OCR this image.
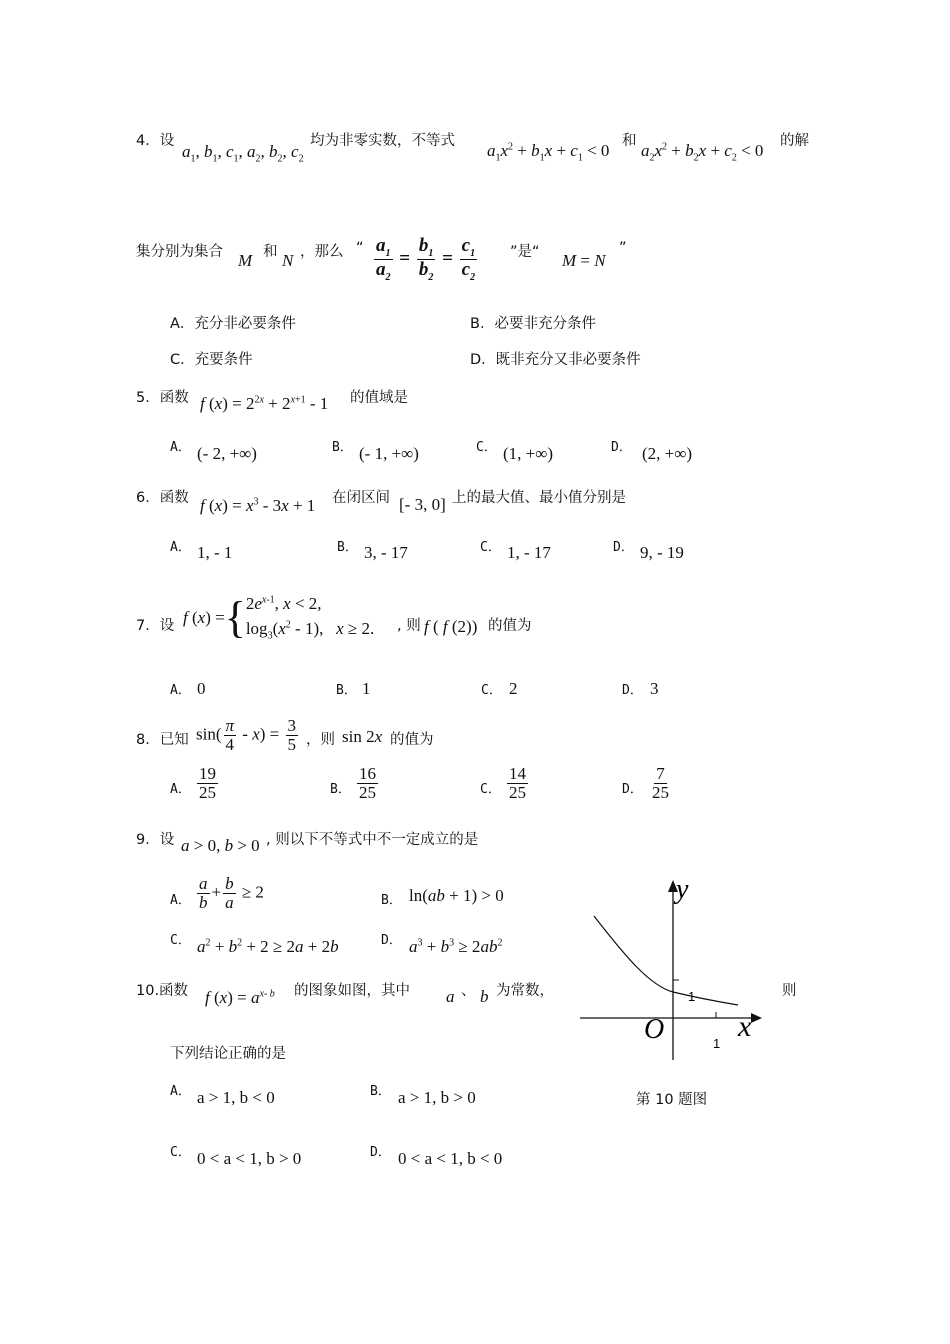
4．设
$a_1$, $b_1$, $c_1$, $a_2$, $b_2$, $c_2$
均为非零实数，不等式 $a_1x^2 + b_1x + c_1 < 0$ 和 $a_2x^2 + b_2x + c_2 < 0$ 的解
集分别为集合 M 和 N ，那么 “ $\frac{a_1}{a_2} = \frac{b_1}{b_2} = \frac{c_1}{c_2}$ ”是“ M = N
”
A．充分非必要条件	B．必要非充分条件
C．充要条件	D．既非充分又非必要条件
5．函数 f $(x) = 2^{2x} + 2^{x+1} - 1$ 的值域是
A． (- 2, +∞)	B． (- 1, +∞)	C． (1, +∞)	D． (2, +∞)
6．函数 f $(x) = x^3 - 3x + 1$ 在闭区间 [- 3, 0] 上的最大值、最小值分别是
A． 1, - 1	B． 3, - 17	C． 1, - 17	D． 9, - 19
7．设 f (x) ={ $2e^{x-1}$, x < 2,
$\log_3(x^2 - 1)$,   x ≥ 2. , 则 f ( f (2)) 的值为
A． 0	B． 1	C． 2	D． 3
8．已知 $\sin( \frac{\pi}{4} - x) = \frac{3}{5}$ ，则 sin 2x 的值为
A． $\frac{19}{25}$	B． $\frac{16}{25}$	C． $\frac{14}{25}$	D． $\frac{7}{25}$
9．设 a > 0, b > 0 , 则以下不等式中不一定成立的是
A． $\frac{a}{b} + \frac{b}{a} \ge 2$	B． ln(ab + 1) > 0
C． $a^2 + b^2 + 2 \ge 2a + 2b$	D． $a^3 + b^3 \ge 2ab^2$
10.函数 f $(x) = a^{x- b}$ 的图象如图，其中 a 、 b 为常数，	则
下列结论正确的是
A． a > 1, b < 0	B． a > 1, b > 0
C． 0 < a < 1, b > 0	D． 0 < a < 1, b < 0
y
x
O
1
1
第 10 题图
